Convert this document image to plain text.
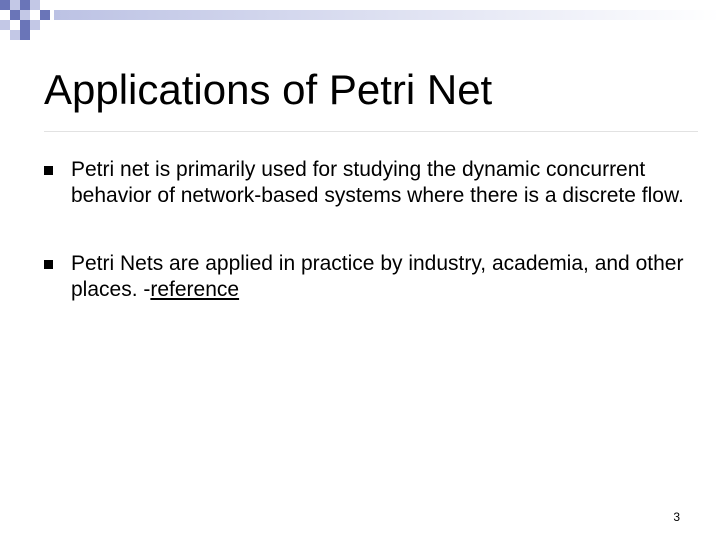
Applications of Petri Net
Petri net is primarily used for studying the dynamic concurrent behavior of network-based systems where there is a discrete flow.
Petri Nets are applied in practice by industry, academia, and other places. -reference
3
